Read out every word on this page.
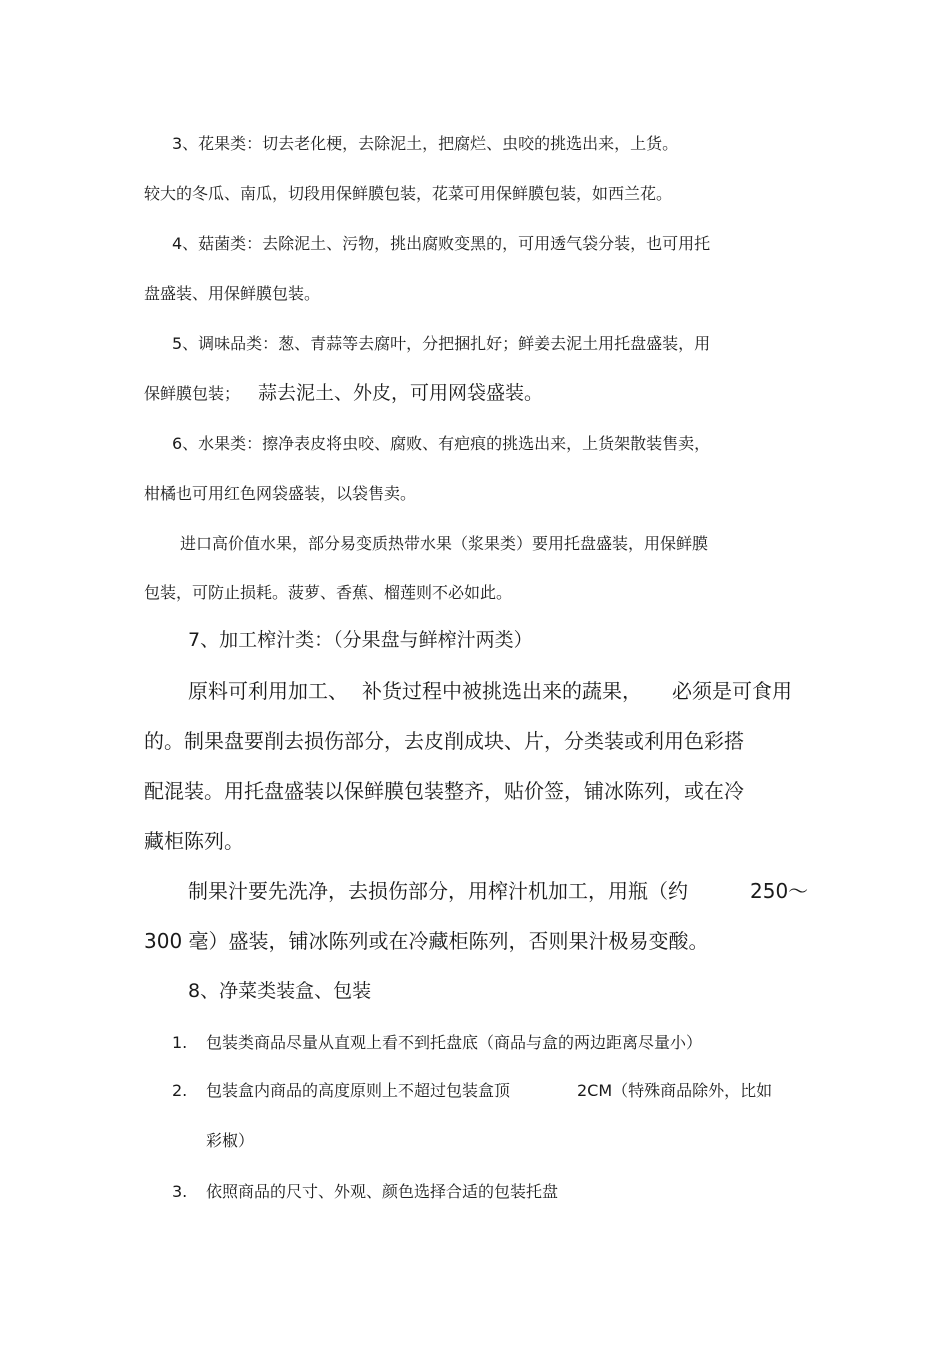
3、花果类：切去老化梗，去除泥土，把腐烂、虫咬的挑选出来，上货。
较大的冬瓜、南瓜，切段用保鲜膜包装，花菜可用保鲜膜包装，如西兰花。
4、菇菌类：去除泥土、污物，挑出腐败变黑的，可用透气袋分装，也可用托
盘盛装、用保鲜膜包装。
5、调味品类：葱、青蒜等去腐叶，分把捆扎好；鲜姜去泥土用托盘盛装，用
保鲜膜包装； 蒜去泥土、外皮，可用网袋盛装。
6、水果类：擦净表皮将虫咬、腐败、有疤痕的挑选出来，上货架散装售卖，
柑橘也可用红色网袋盛装，以袋售卖。
进口高价值水果，部分易变质热带水果（浆果类）要用托盘盛装，用保鲜膜
包装，可防止损耗。菠萝、香蕉、榴莲则不必如此。
7、加工榨汁类：（分果盘与鲜榨汁两类）
原料可利用加工、 补货过程中被挑选出来的蔬果， 必须是可食用
的。制果盘要削去损伤部分，去皮削成块、片，分类装或利用色彩搭
配混装。用托盘盛装以保鲜膜包装整齐，贴价签，铺冰陈列，或在冷
藏柜陈列。
制果汁要先洗净，去损伤部分，用榨汁机加工，用瓶（约	250～
300 毫）盛装，铺冰陈列或在冷藏柜陈列，否则果汁极易变酸。
8、净菜类装盒、包装
1. 包装类商品尽量从直观上看不到托盘底（商品与盒的两边距离尽量小）
2. 包装盒内商品的高度原则上不超过包装盒顶	2CM（特殊商品除外，比如
彩椒）
3. 依照商品的尺寸、外观、颜色选择合适的包装托盘
